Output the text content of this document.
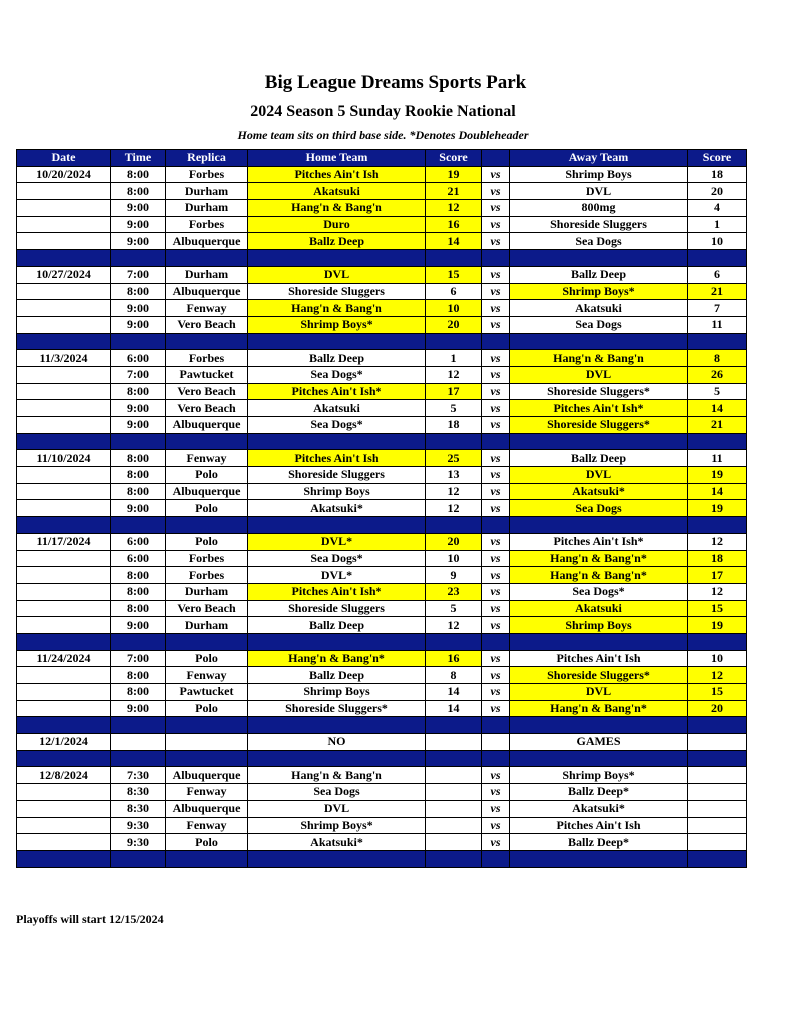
Big League Dreams Sports Park
2024 Season 5 Sunday Rookie National
Home team sits on third base side. *Denotes Doubleheader
Date	Time	Replica	Home Team	Score		Away Team	Score
10/20/2024	8:00	Forbes	Pitches Ain't Ish	19	vs	Shrimp Boys	18
	8:00	Durham	Akatsuki	21	vs	DVL	20
	9:00	Durham	Hang'n & Bang'n	12	vs	800mg	4
	9:00	Forbes	Duro	16	vs	Shoreside Sluggers	1
	9:00	Albuquerque	Ballz Deep	14	vs	Sea Dogs	10

10/27/2024	7:00	Durham	DVL	15	vs	Ballz Deep	6
	8:00	Albuquerque	Shoreside Sluggers	6	vs	Shrimp Boys*	21
	9:00	Fenway	Hang'n & Bang'n	10	vs	Akatsuki	7
	9:00	Vero Beach	Shrimp Boys*	20	vs	Sea Dogs	11

11/3/2024	6:00	Forbes	Ballz Deep	1	vs	Hang'n & Bang'n	8
	7:00	Pawtucket	Sea Dogs*	12	vs	DVL	26
	8:00	Vero Beach	Pitches Ain't Ish*	17	vs	Shoreside Sluggers*	5
	9:00	Vero Beach	Akatsuki	5	vs	Pitches Ain't Ish*	14
	9:00	Albuquerque	Sea Dogs*	18	vs	Shoreside Sluggers*	21

11/10/2024	8:00	Fenway	Pitches Ain't Ish	25	vs	Ballz Deep	11
	8:00	Polo	Shoreside Sluggers	13	vs	DVL	19
	8:00	Albuquerque	Shrimp Boys	12	vs	Akatsuki*	14
	9:00	Polo	Akatsuki*	12	vs	Sea Dogs	19

11/17/2024	6:00	Polo	DVL*	20	vs	Pitches Ain't Ish*	12
	6:00	Forbes	Sea Dogs*	10	vs	Hang'n & Bang'n*	18
	8:00	Forbes	DVL*	9	vs	Hang'n & Bang'n*	17
	8:00	Durham	Pitches Ain't Ish*	23	vs	Sea Dogs*	12
	8:00	Vero Beach	Shoreside Sluggers	5	vs	Akatsuki	15
	9:00	Durham	Ballz Deep	12	vs	Shrimp Boys	19

11/24/2024	7:00	Polo	Hang'n & Bang'n*	16	vs	Pitches Ain't Ish	10
	8:00	Fenway	Ballz Deep	8	vs	Shoreside Sluggers*	12
	8:00	Pawtucket	Shrimp Boys	14	vs	DVL	15
	9:00	Polo	Shoreside Sluggers*	14	vs	Hang'n & Bang'n*	20

12/1/2024			NO			GAMES	

12/8/2024	7:30	Albuquerque	Hang'n & Bang'n		vs	Shrimp Boys*	
	8:30	Fenway	Sea Dogs		vs	Ballz Deep*	
	8:30	Albuquerque	DVL		vs	Akatsuki*	
	9:30	Fenway	Shrimp Boys*		vs	Pitches Ain't Ish	
	9:30	Polo	Akatsuki*		vs	Ballz Deep*	

Playoffs will start 12/15/2024
